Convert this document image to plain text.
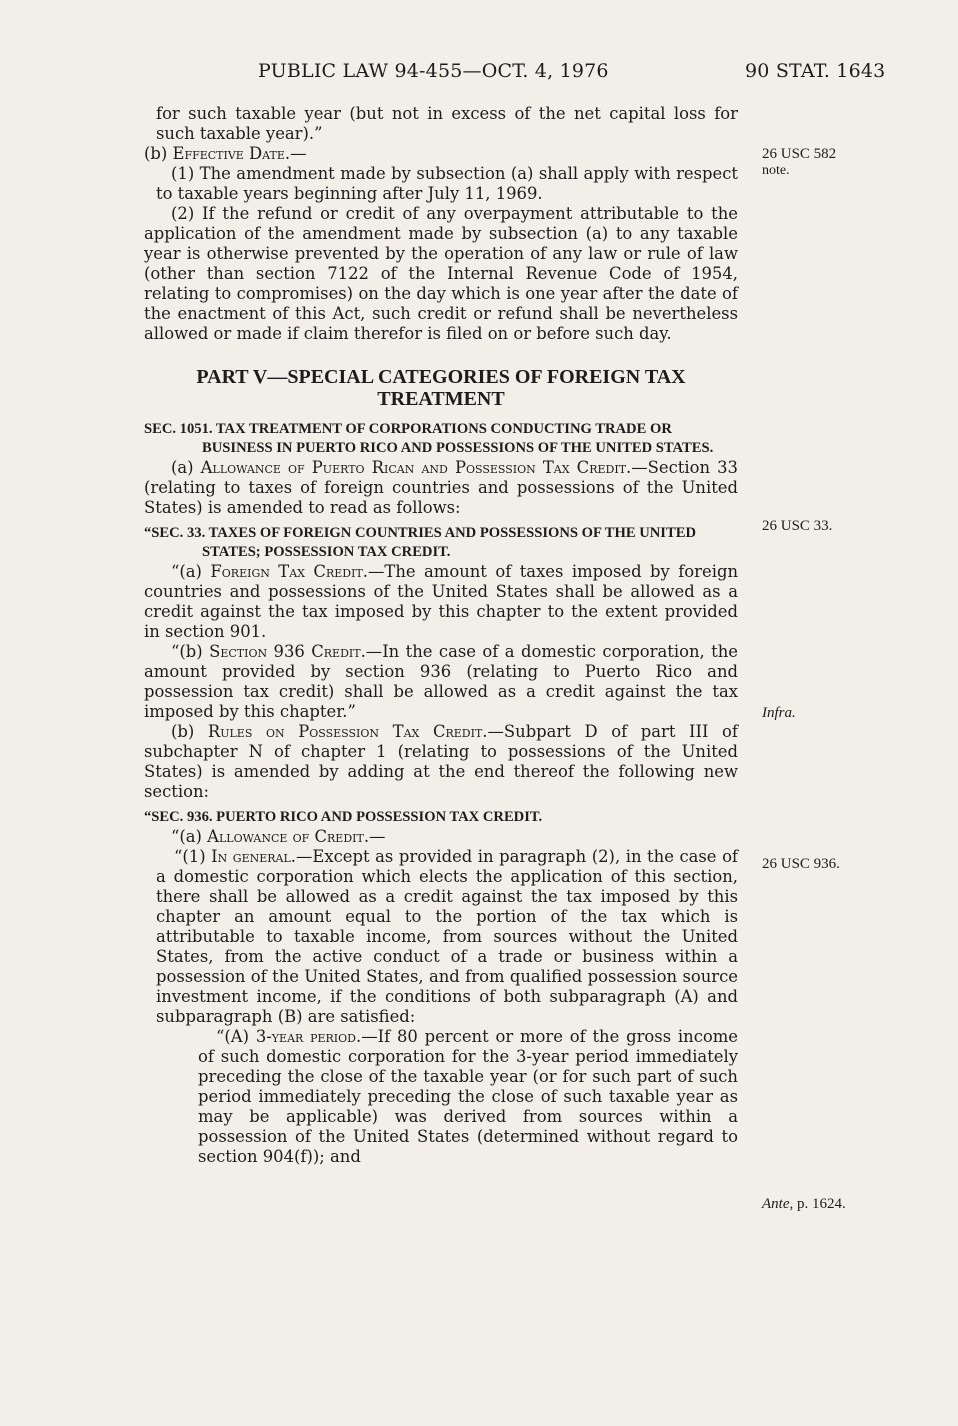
PUBLIC LAW 94-455—OCT. 4, 1976	90 STAT. 1643

for such taxable year (but not in excess of the net capital loss for such taxable year).”

(b) Effective Date.—

(1) The amendment made by subsection (a) shall apply with respect to taxable years beginning after July 11, 1969.

(2) If the refund or credit of any overpayment attributable to the application of the amendment made by subsection (a) to any taxable year is otherwise prevented by the operation of any law or rule of law (other than section 7122 of the Internal Revenue Code of 1954, relating to compromises) on the day which is one year after the date of the enactment of this Act, such credit or refund shall be nevertheless allowed or made if claim therefor is filed on or before such day.

PART V—SPECIAL CATEGORIES OF FOREIGN TAX TREATMENT

SEC. 1051. TAX TREATMENT OF CORPORATIONS CONDUCTING TRADE OR BUSINESS IN PUERTO RICO AND POSSESSIONS OF THE UNITED STATES.

(a) Allowance of Puerto Rican and Possession Tax Credit.—Section 33 (relating to taxes of foreign countries and possessions of the United States) is amended to read as follows:

“SEC. 33. TAXES OF FOREIGN COUNTRIES AND POSSESSIONS OF THE UNITED STATES; POSSESSION TAX CREDIT.

“(a) Foreign Tax Credit.—The amount of taxes imposed by foreign countries and possessions of the United States shall be allowed as a credit against the tax imposed by this chapter to the extent provided in section 901.

“(b) Section 936 Credit.—In the case of a domestic corporation, the amount provided by section 936 (relating to Puerto Rico and possession tax credit) shall be allowed as a credit against the tax imposed by this chapter.”

(b) Rules on Possession Tax Credit.—Subpart D of part III of subchapter N of chapter 1 (relating to possessions of the United States) is amended by adding at the end thereof the following new section:

“SEC. 936. PUERTO RICO AND POSSESSION TAX CREDIT.

“(a) Allowance of Credit.—

“(1) In general.—Except as provided in paragraph (2), in the case of a domestic corporation which elects the application of this section, there shall be allowed as a credit against the tax imposed by this chapter an amount equal to the portion of the tax which is attributable to taxable income, from sources without the United States, from the active conduct of a trade or business within a possession of the United States, and from qualified possession source investment income, if the conditions of both subparagraph (A) and subparagraph (B) are satisfied:

“(A) 3-year period.—If 80 percent or more of the gross income of such domestic corporation for the 3-year period immediately preceding the close of the taxable year (or for such part of such period immediately preceding the close of such taxable year as may be applicable) was derived from sources within a possession of the United States (determined without regard to section 904(f)); and

26 USC 582
note.
26 USC 33.
Infra.
26 USC 936.
Ante, p. 1624.
